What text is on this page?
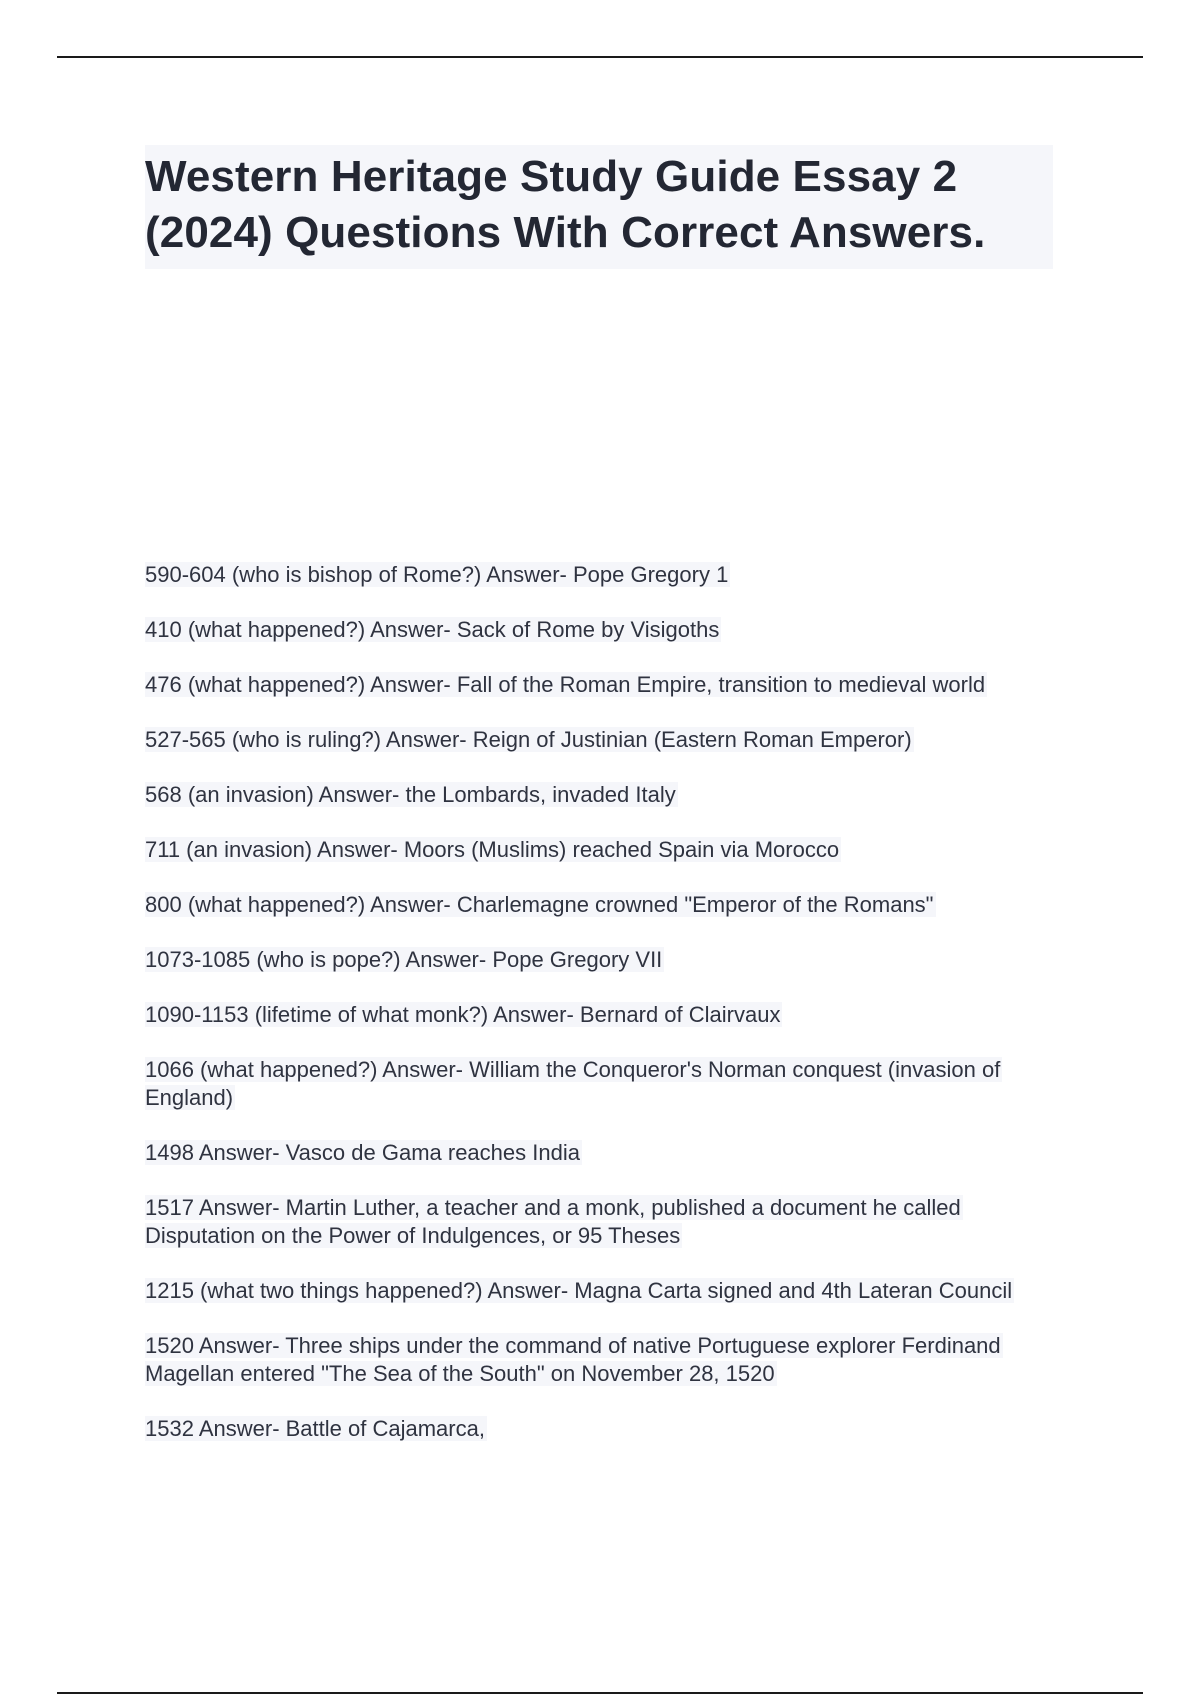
Western Heritage Study Guide Essay 2 (2024) Questions With Correct Answers.
590-604 (who is bishop of Rome?) Answer- Pope Gregory 1
410 (what happened?) Answer- Sack of Rome by Visigoths
476 (what happened?) Answer- Fall of the Roman Empire, transition to medieval world
527-565 (who is ruling?) Answer- Reign of Justinian (Eastern Roman Emperor)
568 (an invasion) Answer- the Lombards, invaded Italy
711 (an invasion) Answer- Moors (Muslims) reached Spain via Morocco
800 (what happened?) Answer- Charlemagne crowned "Emperor of the Romans"
1073-1085 (who is pope?) Answer- Pope Gregory VII
1090-1153 (lifetime of what monk?) Answer- Bernard of Clairvaux
1066 (what happened?) Answer- William the Conqueror's Norman conquest (invasion of England)
1498 Answer- Vasco de Gama reaches India
1517 Answer- Martin Luther, a teacher and a monk, published a document he called Disputation on the Power of Indulgences, or 95 Theses
1215 (what two things happened?) Answer- Magna Carta signed and 4th Lateran Council
1520 Answer- Three ships under the command of native Portuguese explorer Ferdinand Magellan entered "The Sea of the South" on November 28, 1520
1532 Answer- Battle of Cajamarca,
